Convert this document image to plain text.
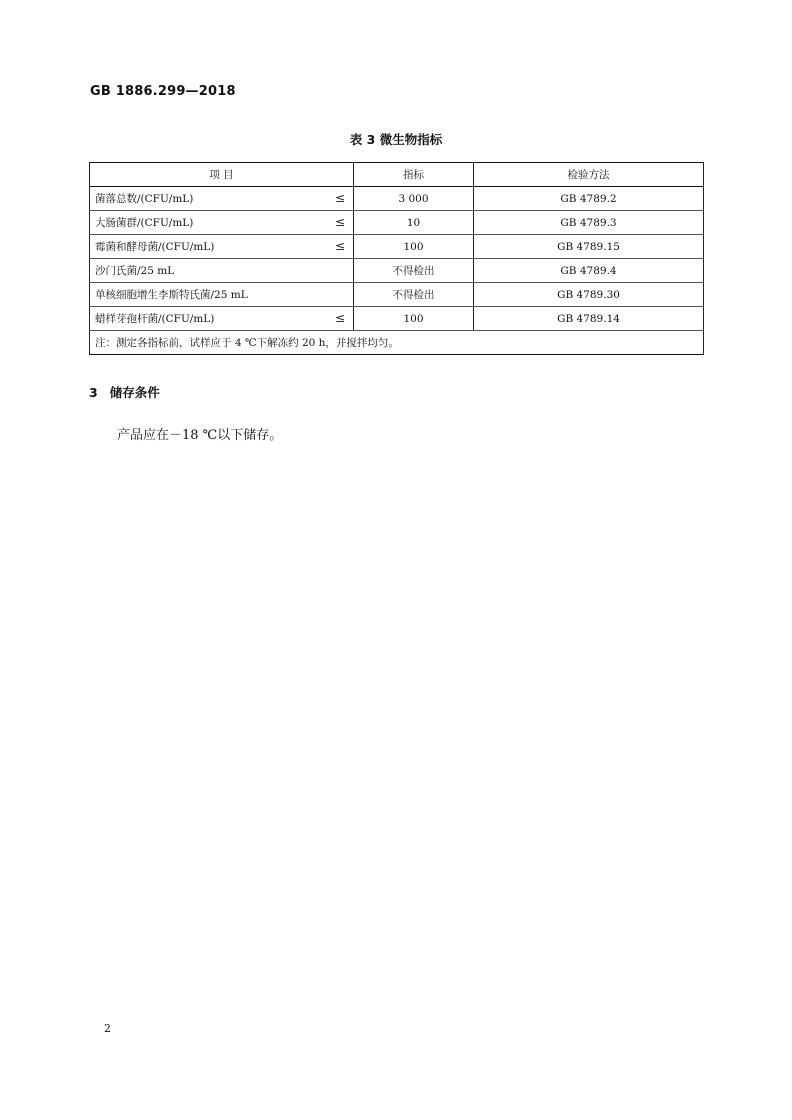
GB 1886.299—2018
表 3 微生物指标
项 目	指标	检验方法
菌落总数/(CFU/mL) ≤	3 000	GB 4789.2
大肠菌群/(CFU/mL) ≤	10	GB 4789.3
霉菌和酵母菌/(CFU/mL) ≤	100	GB 4789.15
沙门氏菌/25 mL	不得检出	GB 4789.4
单核细胞增生李斯特氏菌/25 mL	不得检出	GB 4789.30
蜡样芽孢杆菌/(CFU/mL) ≤	100	GB 4789.14
注：测定各指标前，试样应于 4 ℃下解冻约 20 h，并搅拌均匀。		
3 储存条件
产品应在－18 ℃以下储存。
2
